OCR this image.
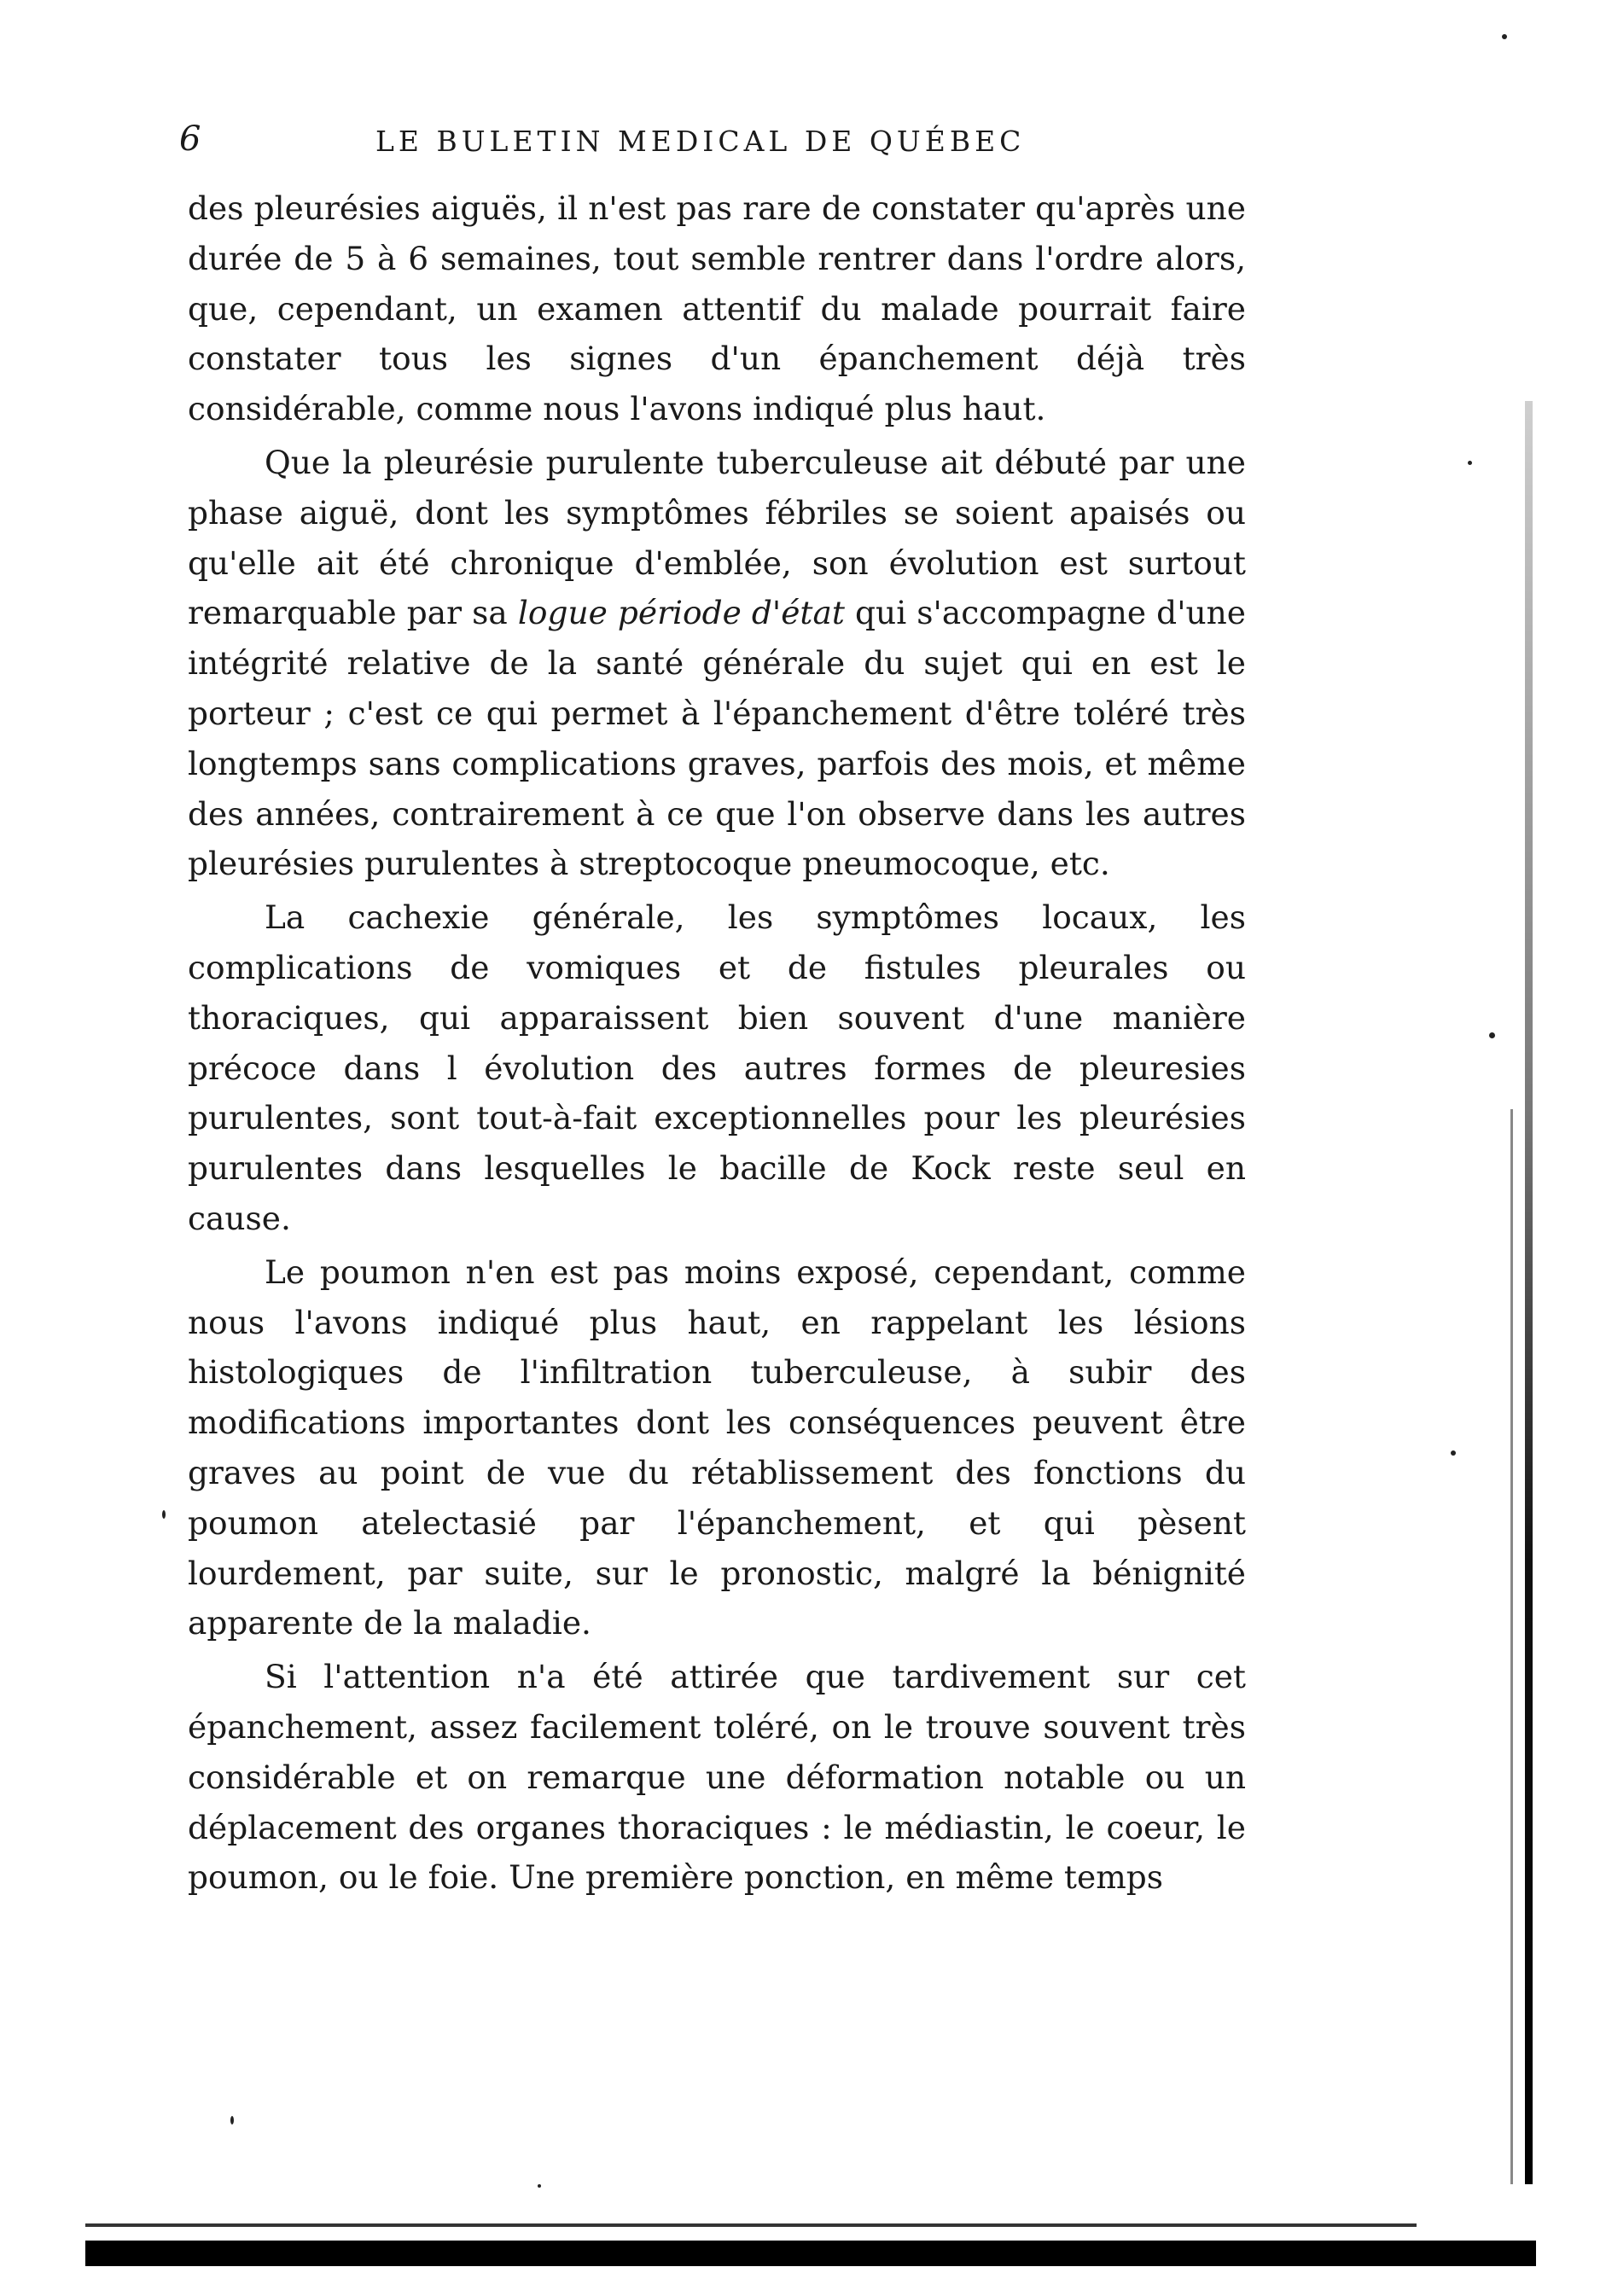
6	LE BULETIN MEDICAL DE QUÉBEC

des pleurésies aiguës, il n'est pas rare de constater qu'après une durée de 5 à 6 semaines, tout semble rentrer dans l'ordre alors, que, cependant, un examen attentif du malade pourrait faire constater tous les signes d'un épanchement déjà très considérable, comme nous l'avons indiqué plus haut.

Que la pleurésie purulente tuberculeuse ait débuté par une phase aiguë, dont les symptômes fébriles se soient apaisés ou qu'elle ait été chronique d'emblée, son évolution est surtout remarquable par sa logue période d'état qui s'accompagne d'une intégrité relative de la santé générale du sujet qui en est le porteur ; c'est ce qui permet à l'épanchement d'être toléré très longtemps sans complications graves, parfois des mois, et même des années, contrairement à ce que l'on observe dans les autres pleurésies purulentes à streptocoque pneumocoque, etc.

La cachexie générale, les symptômes locaux, les complications de vomiques et de fistules pleurales ou thoraciques, qui apparaissent bien souvent d'une manière précoce dans l évolution des autres formes de pleuresies purulentes, sont tout-à-fait exceptionnelles pour les pleurésies purulentes dans lesquelles le bacille de Kock reste seul en cause.

Le poumon n'en est pas moins exposé, cependant, comme nous l'avons indiqué plus haut, en rappelant les lésions histologiques de l'infiltration tuberculeuse, à subir des modifications importantes dont les conséquences peuvent être graves au point de vue du rétablissement des fonctions du poumon atelectasié par l'épanchement, et qui pèsent lourdement, par suite, sur le pronostic, malgré la bénignité apparente de la maladie.

Si l'attention n'a été attirée que tardivement sur cet épanchement, assez facilement toléré, on le trouve souvent très considérable et on remarque une déformation notable ou un déplacement des organes thoraciques : le médiastin, le coeur, le poumon, ou le foie. Une première ponction, en même temps
